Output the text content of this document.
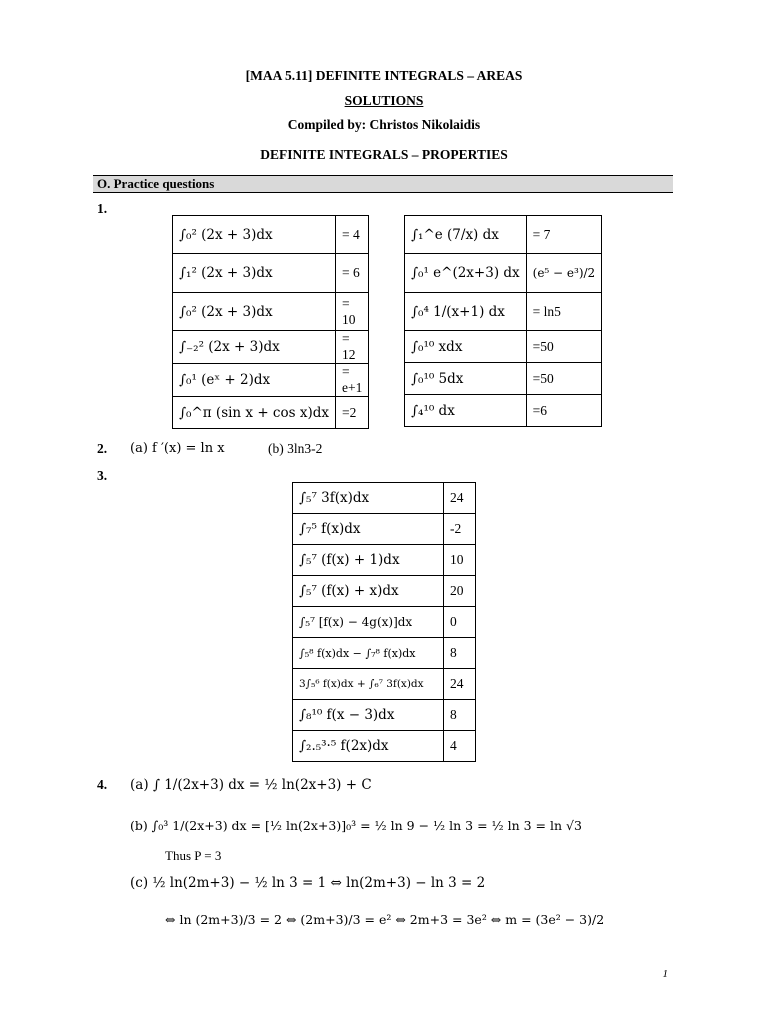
[MAA 5.11] DEFINITE INTEGRALS – AREAS
SOLUTIONS
Compiled by: Christos Nikolaidis
DEFINITE INTEGRALS – PROPERTIES
O. Practice questions
1.
∫₀² (2x + 3)dx	= 4
∫₁² (2x + 3)dx	= 6
∫₀² (2x + 3)dx	= 10
∫₋₂² (2x + 3)dx	= 12
∫₀¹ (eˣ + 2)dx	= e+1
∫₀^π (sin x + cos x)dx	=2
∫₁^e (7/x) dx	= 7
∫₀¹ e^(2x+3) dx	(e⁵ − e³)/2
∫₀⁴ 1/(x+1) dx	= ln5
∫₀¹⁰ xdx	=50
∫₀¹⁰ 5dx	=50
∫₄¹⁰ dx	=6
2. (a) f ′(x) = ln x	(b) 3ln3-2
3.
∫₅⁷ 3f(x)dx	24
∫₇⁵ f(x)dx	-2
∫₅⁷ (f(x) + 1)dx	10
∫₅⁷ (f(x) + x)dx	20
∫₅⁷ [f(x) − 4g(x)]dx	0
∫₅⁸ f(x)dx − ∫₇⁸ f(x)dx	8
3∫₅⁶ f(x)dx + ∫₆⁷ 3f(x)dx	24
∫₈¹⁰ f(x − 3)dx	8
∫₂.₅³·⁵ f(2x)dx	4
4. (a) ∫ 1/(2x+3) dx = ½ ln(2x+3) + C
(b) ∫₀³ 1/(2x+3) dx = [½ ln(2x+3)]₀³ = ½ ln 9 − ½ ln 3 = ½ ln 3 = ln √3
Thus P = 3
(c) ½ ln(2m+3) − ½ ln 3 = 1 ⇔ ln(2m+3) − ln 3 = 2
⇔ ln (2m+3)/3 = 2 ⇔ (2m+3)/3 = e² ⇔ 2m+3 = 3e² ⇔ m = (3e² − 3)/2
1
